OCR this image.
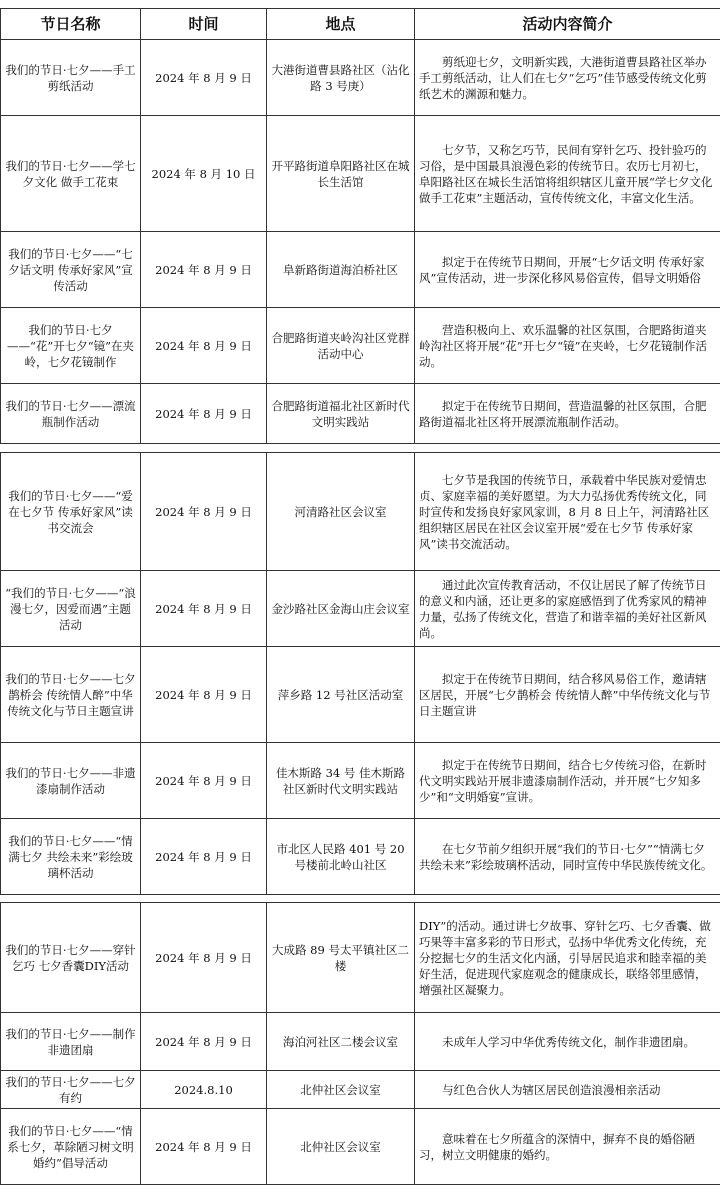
节日名称	时间	地点	活动内容简介
我们的节日·七夕——手工剪纸活动	2024 年 8 月 9 日	大港街道曹县路社区（沾化路 3 号庚）	剪纸迎七夕，文明新实践，大港街道曹县路社区举办手工剪纸活动，让人们在七夕“乞巧”佳节感受传统文化剪纸艺术的渊源和魅力。
我们的节日·七夕——学七夕文化 做手工花束	2024 年 8 月 10 日	开平路街道阜阳路社区在城长生活馆	七夕节，又称乞巧节，民间有穿针乞巧、投针验巧的习俗，是中国最具浪漫色彩的传统节日。农历七月初七，阜阳路社区在城长生活馆将组织辖区儿童开展“学七夕文化 做手工花束”主题活动，宣传传统文化，丰富文化生活。
我们的节日·七夕——“七夕话文明 传承好家风”宣传活动	2024 年 8 月 9 日	阜新路街道海泊桥社区	拟定于在传统节日期间，开展“七夕话文明 传承好家风”宣传活动，进一步深化移风易俗宣传，倡导文明婚俗
我们的节日·七夕——“花”开七夕“镜”在夹岭，七夕花镜制作	2024 年 8 月 9 日	合肥路街道夹岭沟社区党群活动中心	营造积极向上、欢乐温馨的社区氛围，合肥路街道夹岭沟社区将开展“花”开七夕“镜”在夹岭，七夕花镜制作活动。
我们的节日·七夕——漂流瓶制作活动	2024 年 8 月 9 日	合肥路街道福北社区新时代文明实践站	拟定于在传统节日期间，营造温馨的社区氛围，合肥路街道福北社区将开展漂流瓶制作活动。
我们的节日·七夕——“爱在七夕节 传承好家风”读书交流会	2024 年 8 月 9 日	河清路社区会议室	七夕节是我国的传统节日，承载着中华民族对爱情忠贞、家庭幸福的美好愿望。为大力弘扬优秀传统文化，同时宣传和发扬良好家风家训，8 月 8 日上午，河清路社区组织辖区居民在社区会议室开展“爱在七夕节 传承好家风”读书交流活动。
“我们的节日·七夕——“浪漫七夕，因爱而遇”主题活动	2024 年 8 月 9 日	金沙路社区金海山庄会议室	通过此次宣传教育活动，不仅让居民了解了传统节日的意义和内涵，还让更多的家庭感悟到了优秀家风的精神力量，弘扬了传统文化，营造了和谐幸福的美好社区新风尚。
我们的节日·七夕——七夕鹊桥会 传统情人醉”中华传统文化与节日主题宣讲	2024 年 8 月 9 日	萍乡路 12 号社区活动室	拟定于在传统节日期间，结合移风易俗工作，邀请辖区居民，开展“七夕鹊桥会 传统情人醉”中华传统文化与节日主题宣讲
我们的节日·七夕——非遗漆扇制作活动	2024 年 8 月 9 日	佳木斯路 34 号 佳木斯路社区新时代文明实践站	拟定于在传统节日期间，结合七夕传统习俗，在新时代文明实践站开展非遗漆扇制作活动，并开展“七夕知多少”和“文明婚宴”宣讲。
我们的节日·七夕——“情满七夕 共绘未来”彩绘玻璃杯活动	2024 年 8 月 9 日	市北区人民路 401 号 20 号楼前北岭山社区	在七夕节前夕组织开展“我们的节日·七夕”“情满七夕 共绘未来”彩绘玻璃杯活动，同时宣传中华民族传统文化。
我们的节日·七夕——穿针乞巧 七夕香囊DIY活动	2024 年 8 月 9 日	大成路 89 号太平镇社区二楼	DIY”的活动。通过讲七夕故事、穿针乞巧、七夕香囊、做巧果等丰富多彩的节日形式，弘扬中华优秀文化传统，充分挖掘七夕的生活文化内涵，引导居民追求和睦幸福的美好生活，促进现代家庭观念的健康成长，联络邻里感情，增强社区凝聚力。
我们的节日·七夕——制作非遗团扇	2024 年 8 月 9 日	海泊河社区二楼会议室	未成年人学习中华优秀传统文化，制作非遗团扇。
我们的节日·七夕——七夕有约	2024.8.10	北仲社区会议室	与红色合伙人为辖区居民创造浪漫相亲活动
我们的节日·七夕——“情系七夕，革除陋习树文明婚约”倡导活动	2024 年 8 月 9 日	北仲社区会议室	意味着在七夕所蕴含的深情中，摒弃不良的婚俗陋习，树立文明健康的婚约。
